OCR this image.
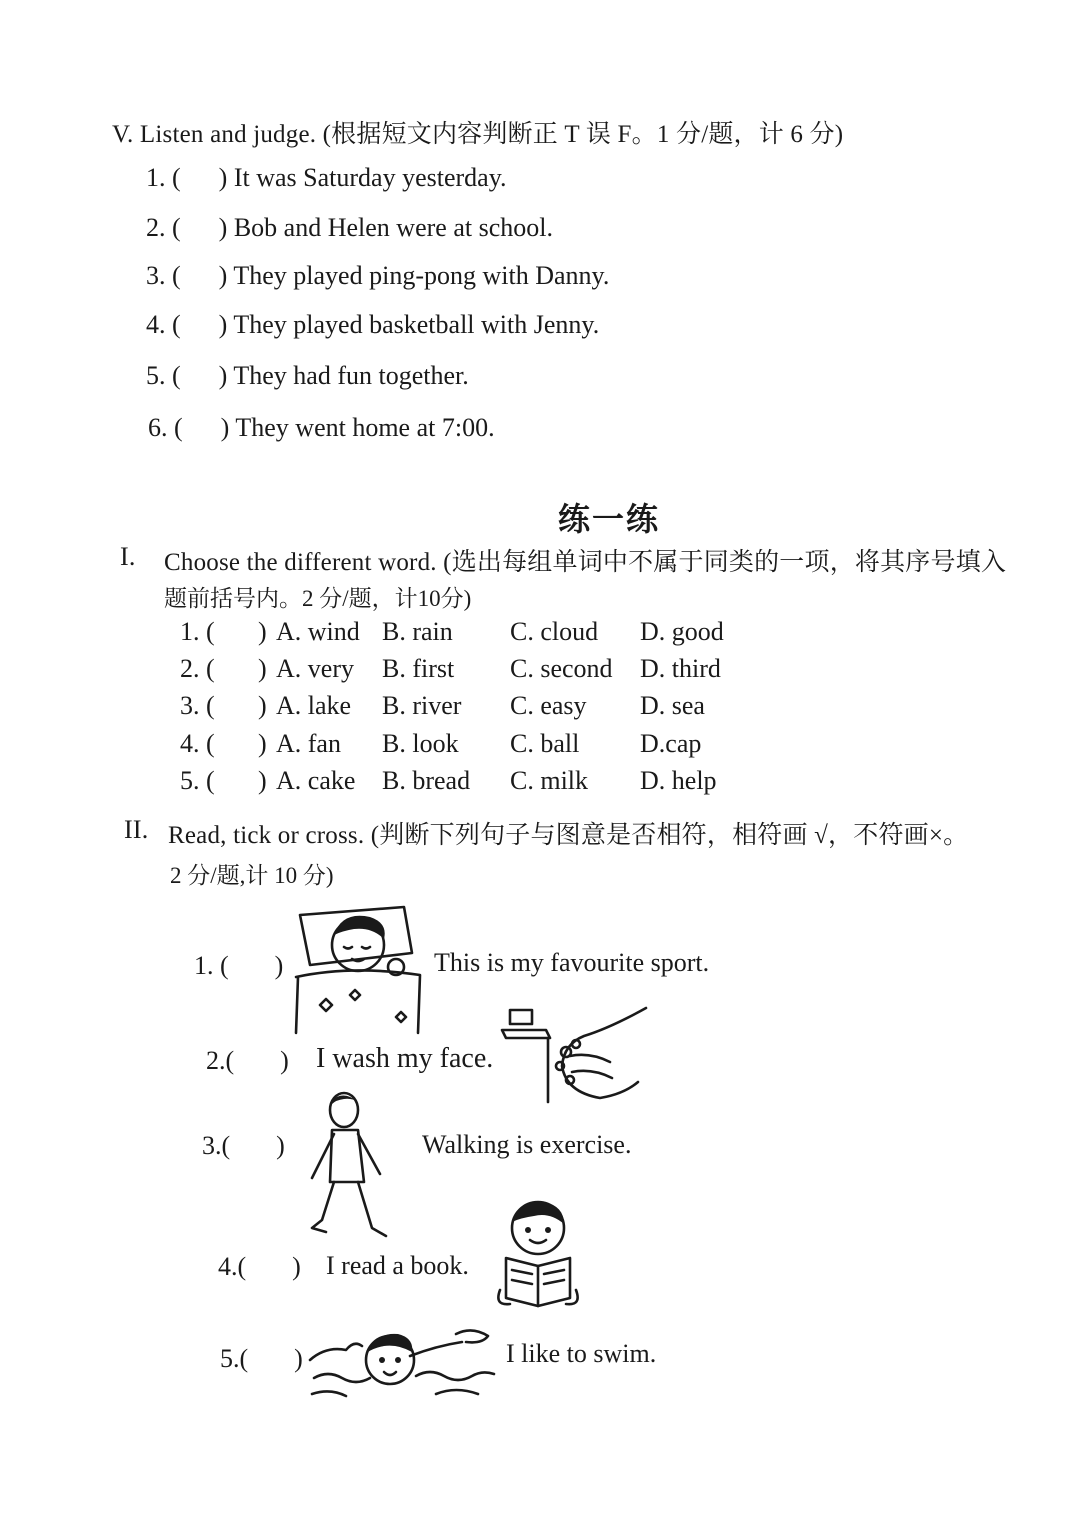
V. Listen and judge. (根据短文内容判断正 T 误 F。1 分/题，计 6 分)
1. ( ) It was Saturday yesterday.
2. ( ) Bob and Helen were at school.
3. ( ) They played ping-pong with Danny.
4. ( ) They played basketball with Jenny.
5. ( ) They had fun together.
6. ( ) They went home at 7:00.
练一练
I. Choose the different word. (选出每组单词中不属于同类的一项，将其序号填入
题前括号内。2 分/题，计10分)
1. ( ) A. wind B. rain C. cloud D. good
2. ( ) A. very B. first C. second D. third
3. ( ) A. lake B. river C. easy D. sea
4. ( ) A. fan B. look C. ball D.cap
5. ( ) A. cake B. bread C. milk D. help
II. Read, tick or cross. (判断下列句子与图意是否相符，相符画 √，不符画×。
2 分/题,计 10 分)
1. ( )	This is my favourite sport.
2.( ) I wash my face.
3.( )	Walking is exercise.
4.( ) I read a book.
5.( )	I like to swim.
